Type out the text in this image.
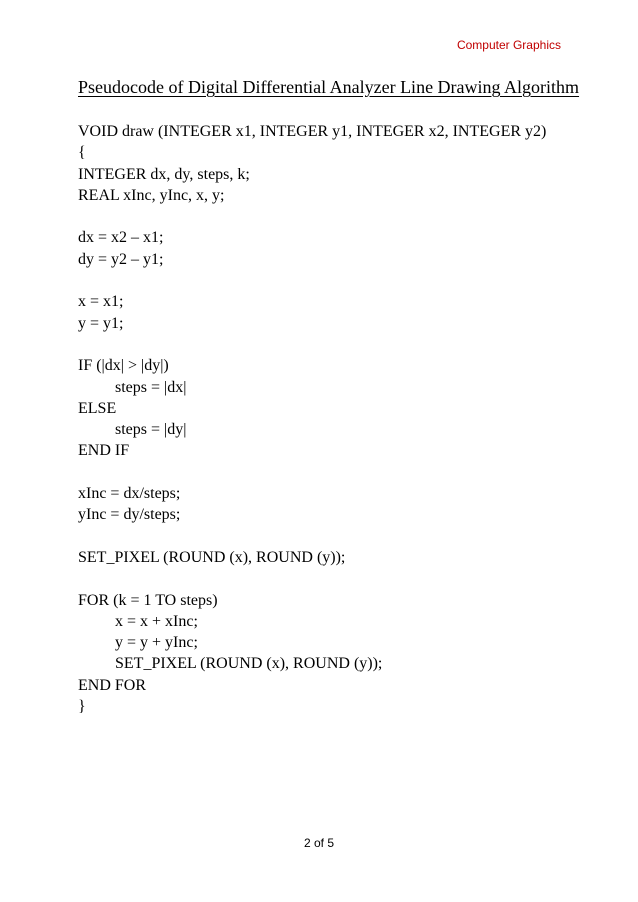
Computer Graphics
Pseudocode of Digital Differential Analyzer Line Drawing Algorithm
VOID draw (INTEGER x1, INTEGER y1, INTEGER x2, INTEGER y2)
{
INTEGER dx, dy, steps, k;
REAL xInc, yInc, x, y;
dx = x2 – x1;
dy = y2 – y1;
x = x1;
y = y1;
IF (|dx| > |dy|)
steps = |dx|
ELSE
steps = |dy|
END IF
xInc = dx/steps;
yInc = dy/steps;
SET_PIXEL (ROUND (x), ROUND (y));
FOR (k = 1 TO steps)
x = x + xInc;
y = y + yInc;
SET_PIXEL (ROUND (x), ROUND (y));
END FOR
}
2 of 5
